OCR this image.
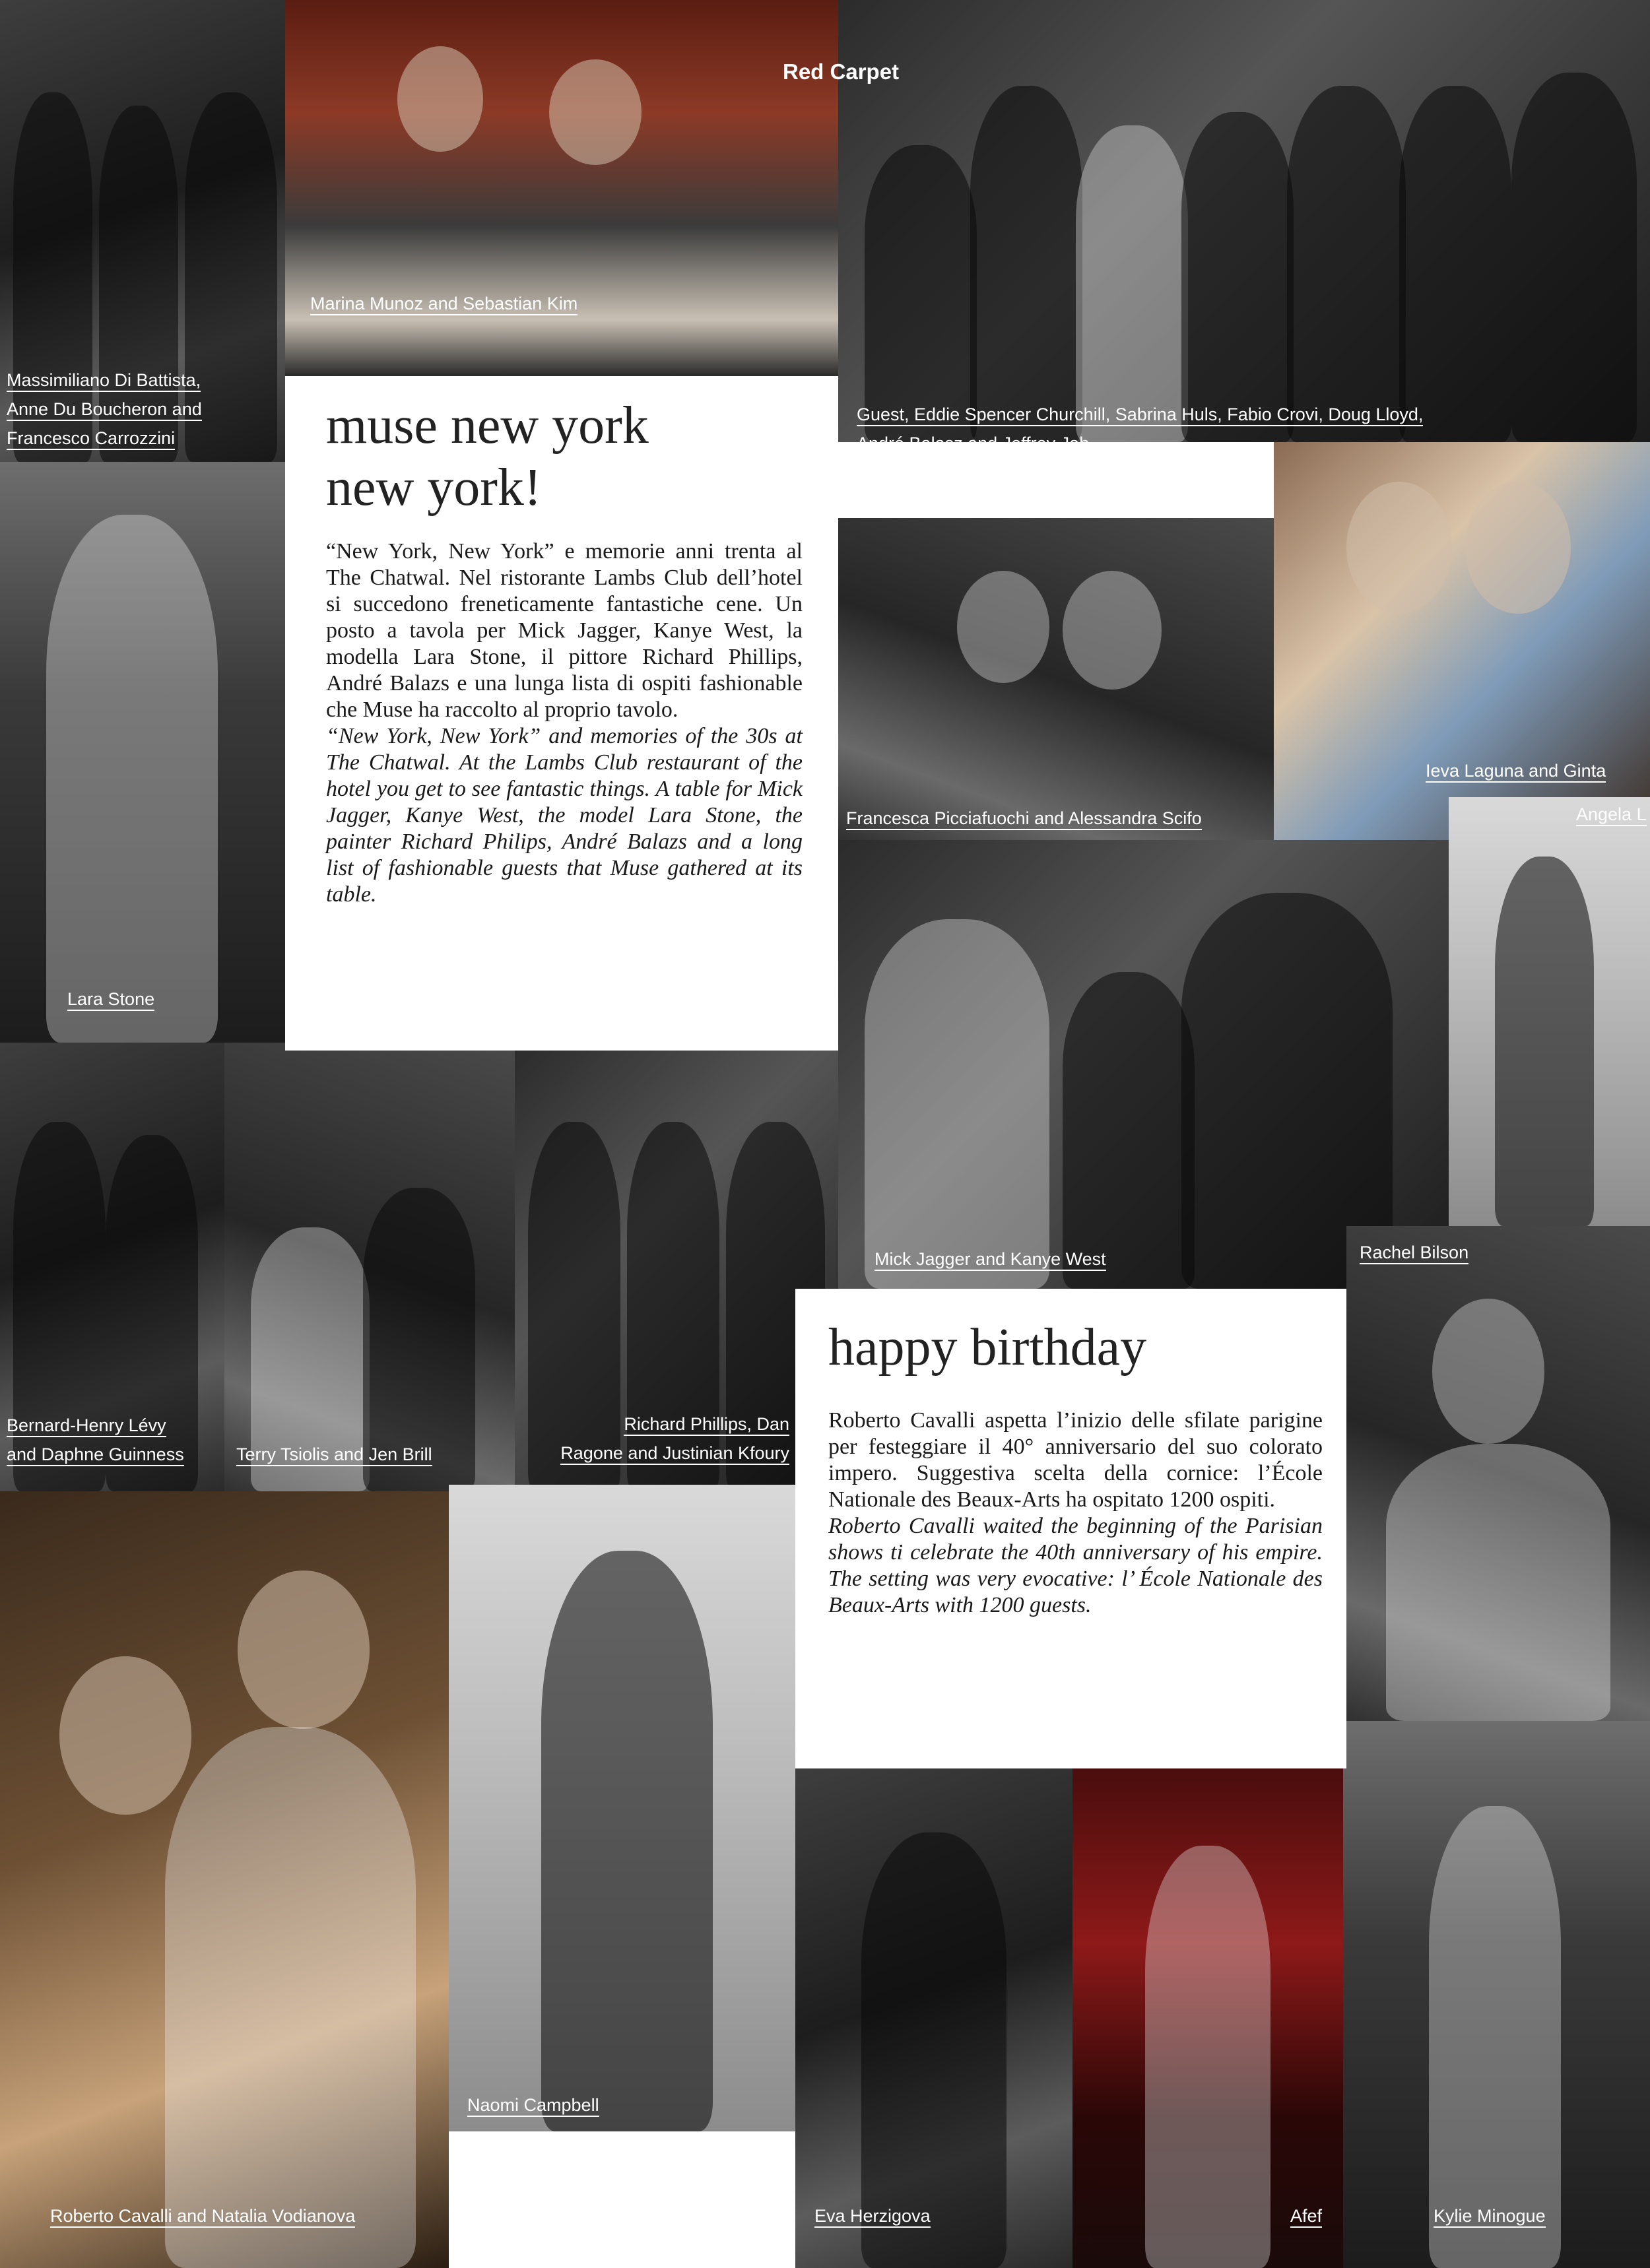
Red Carpet
muse new york
new york!

“New York, New York” e memorie anni trenta al The Chatwal. Nel ristorante Lambs Club dell’hotel si succedono freneticamente fantastiche cene. Un posto a tavola per Mick Jagger, Kanye West, la modella Lara Stone, il pittore Richard Phillips, André Balazs e una lunga lista di ospiti fashionable che Muse ha raccolto al proprio tavolo.

“New York, New York” and memories of the 30s at The Chatwal. At the Lambs Club restaurant of the hotel you get to see fantastic things. A table for Mick Jagger, Kanye West, the model Lara Stone, the painter Richard Philips, André Balazs and a long list of fashionable guests that Muse gathered at its table.

happy birthday

Roberto Cavalli aspetta l’inizio delle sfilate parigine per festeggiare il 40° anniversario del suo colorato impero. Suggestiva scelta della cornice: l’École Nationale des Beaux-Arts ha ospitato 1200 ospiti.

Roberto Cavalli waited the beginning of the Parisian shows ti celebrate the 40th anniversary of his empire. The setting was very evocative: l’ École Nationale des Beaux-Arts with 1200 guests.

Massimiliano Di Battista,
Anne Du Boucheron and
Francesco Carrozzini
Marina Munoz and Sebastian Kim
Guest, Eddie Spencer Churchill, Sabrina Huls, Fabio Crovi, Doug Lloyd,
André Balasz and Jeffrey Jah
Lara Stone
Francesca Picciafuochi and Alessandra Scifo
Ieva Laguna and Ginta
Angela L
Bernard-Henry Lévy
and Daphne Guinness	Terry Tsiolis and Jen Brill
Richard Phillips, Dan
Ragone and Justinian Kfoury
Mick Jagger and Kanye West	Rachel Bilson
Roberto Cavalli and Natalia Vodianova
Naomi Campbell
Eva Herzigova	Afef	Kylie Minogue
